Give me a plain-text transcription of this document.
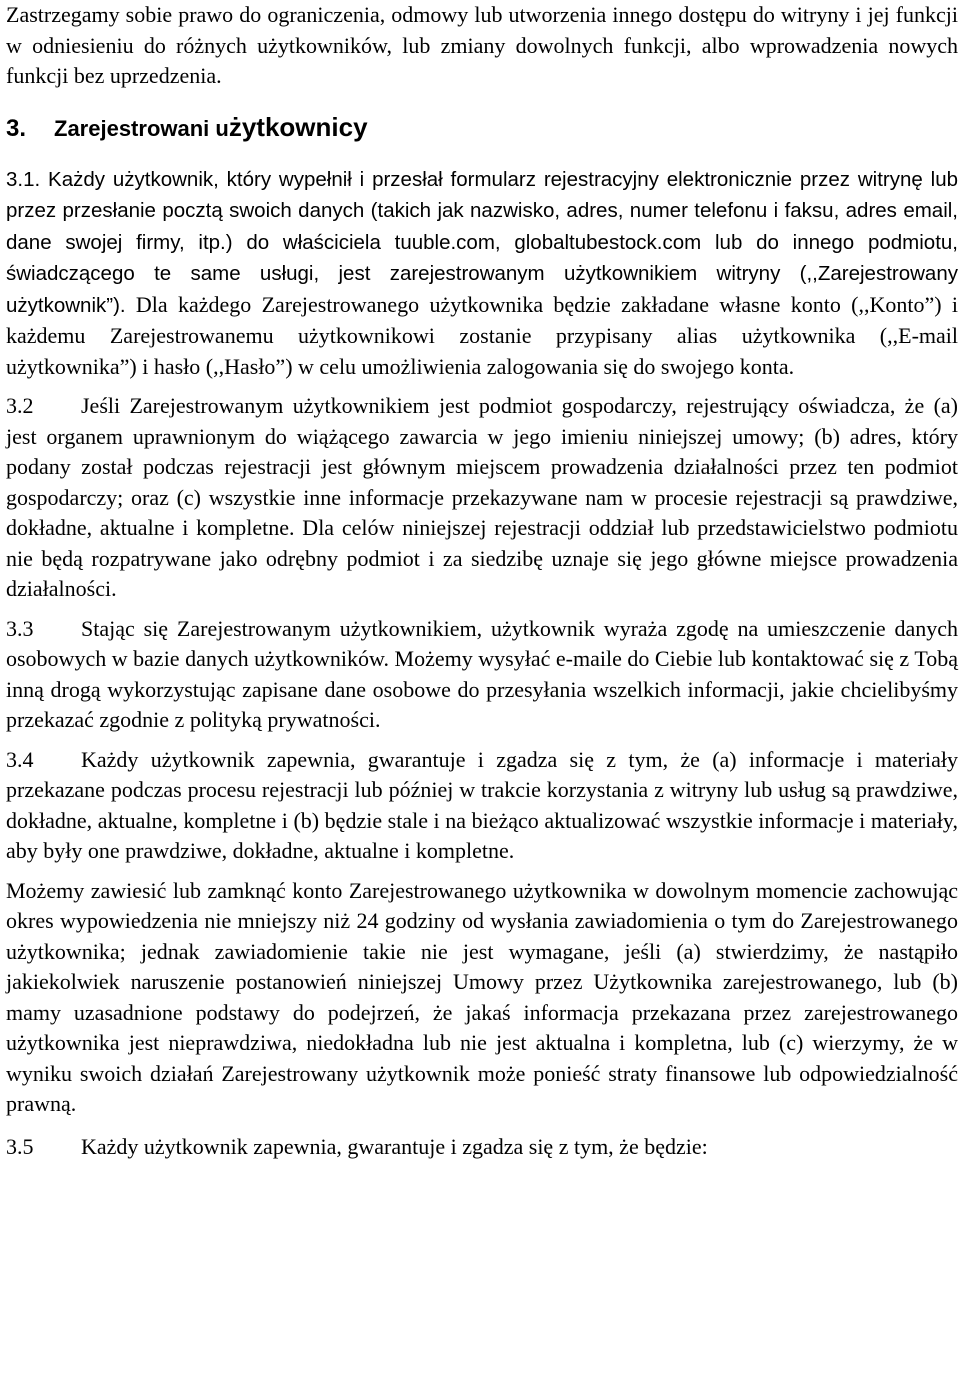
Zastrzegamy sobie prawo do ograniczenia, odmowy lub utworzenia innego dostępu do witryny i jej funkcji w odniesieniu do różnych użytkowników, lub zmiany dowolnych funkcji, albo wprowadzenia nowych funkcji bez uprzedzenia.

3. Zarejestrowani użytkownicy

3.1. Każdy użytkownik, który wypełnił i przesłał formularz rejestracyjny elektronicznie przez witrynę lub przez przesłanie pocztą swoich danych (takich jak nazwisko, adres, numer telefonu i faksu, adres email, dane swojej firmy, itp.) do właściciela tuuble.com, globaltubestock.com lub do innego podmiotu, świadczącego te same usługi, jest zarejestrowanym użytkownikiem witryny (,,Zarejestrowany użytkownik”). Dla każdego Zarejestrowanego użytkownika będzie zakładane własne konto (,,Konto”) i każdemu Zarejestrowanemu użytkownikowi zostanie przypisany alias użytkownika (,,E-mail użytkownika”) i hasło (,,Hasło”) w celu umożliwienia zalogowania się do swojego konta.

3.2 Jeśli Zarejestrowanym użytkownikiem jest podmiot gospodarczy, rejestrujący oświadcza, że (a) jest organem uprawnionym do wiążącego zawarcia w jego imieniu niniejszej umowy; (b) adres, który podany został podczas rejestracji jest głównym miejscem prowadzenia działalności przez ten podmiot gospodarczy; oraz (c) wszystkie inne informacje przekazywane nam w procesie rejestracji są prawdziwe, dokładne, aktualne i kompletne. Dla celów niniejszej rejestracji oddział lub przedstawicielstwo podmiotu nie będą rozpatrywane jako odrębny podmiot i za siedzibę uznaje się jego główne miejsce prowadzenia działalności.

3.3 Stając się Zarejestrowanym użytkownikiem, użytkownik wyraża zgodę na umieszczenie danych osobowych w bazie danych użytkowników. Możemy wysyłać e-maile do Ciebie lub kontaktować się z Tobą inną drogą wykorzystując zapisane dane osobowe do przesyłania wszelkich informacji, jakie chcielibyśmy przekazać zgodnie z polityką prywatności.

3.4 Każdy użytkownik zapewnia, gwarantuje i zgadza się z tym, że (a) informacje i materiały przekazane podczas procesu rejestracji lub później w trakcie korzystania z witryny lub usług są prawdziwe, dokładne, aktualne, kompletne i (b) będzie stale i na bieżąco aktualizować wszystkie informacje i materiały, aby były one prawdziwe, dokładne, aktualne i kompletne.

Możemy zawiesić lub zamknąć konto Zarejestrowanego użytkownika w dowolnym momencie zachowując okres wypowiedzenia nie mniejszy niż 24 godziny od wysłania zawiadomienia o tym do Zarejestrowanego użytkownika; jednak zawiadomienie takie nie jest wymagane, jeśli (a) stwierdzimy, że nastąpiło jakiekolwiek naruszenie postanowień niniejszej Umowy przez Użytkownika zarejestrowanego, lub (b) mamy uzasadnione podstawy do podejrzeń, że jakaś informacja przekazana przez zarejestrowanego użytkownika jest nieprawdziwa, niedokładna lub nie jest aktualna i kompletna, lub (c) wierzymy, że w wyniku swoich działań Zarejestrowany użytkownik może ponieść straty finansowe lub odpowiedzialność prawną.

3.5 Każdy użytkownik zapewnia, gwarantuje i zgadza się z tym, że będzie:
